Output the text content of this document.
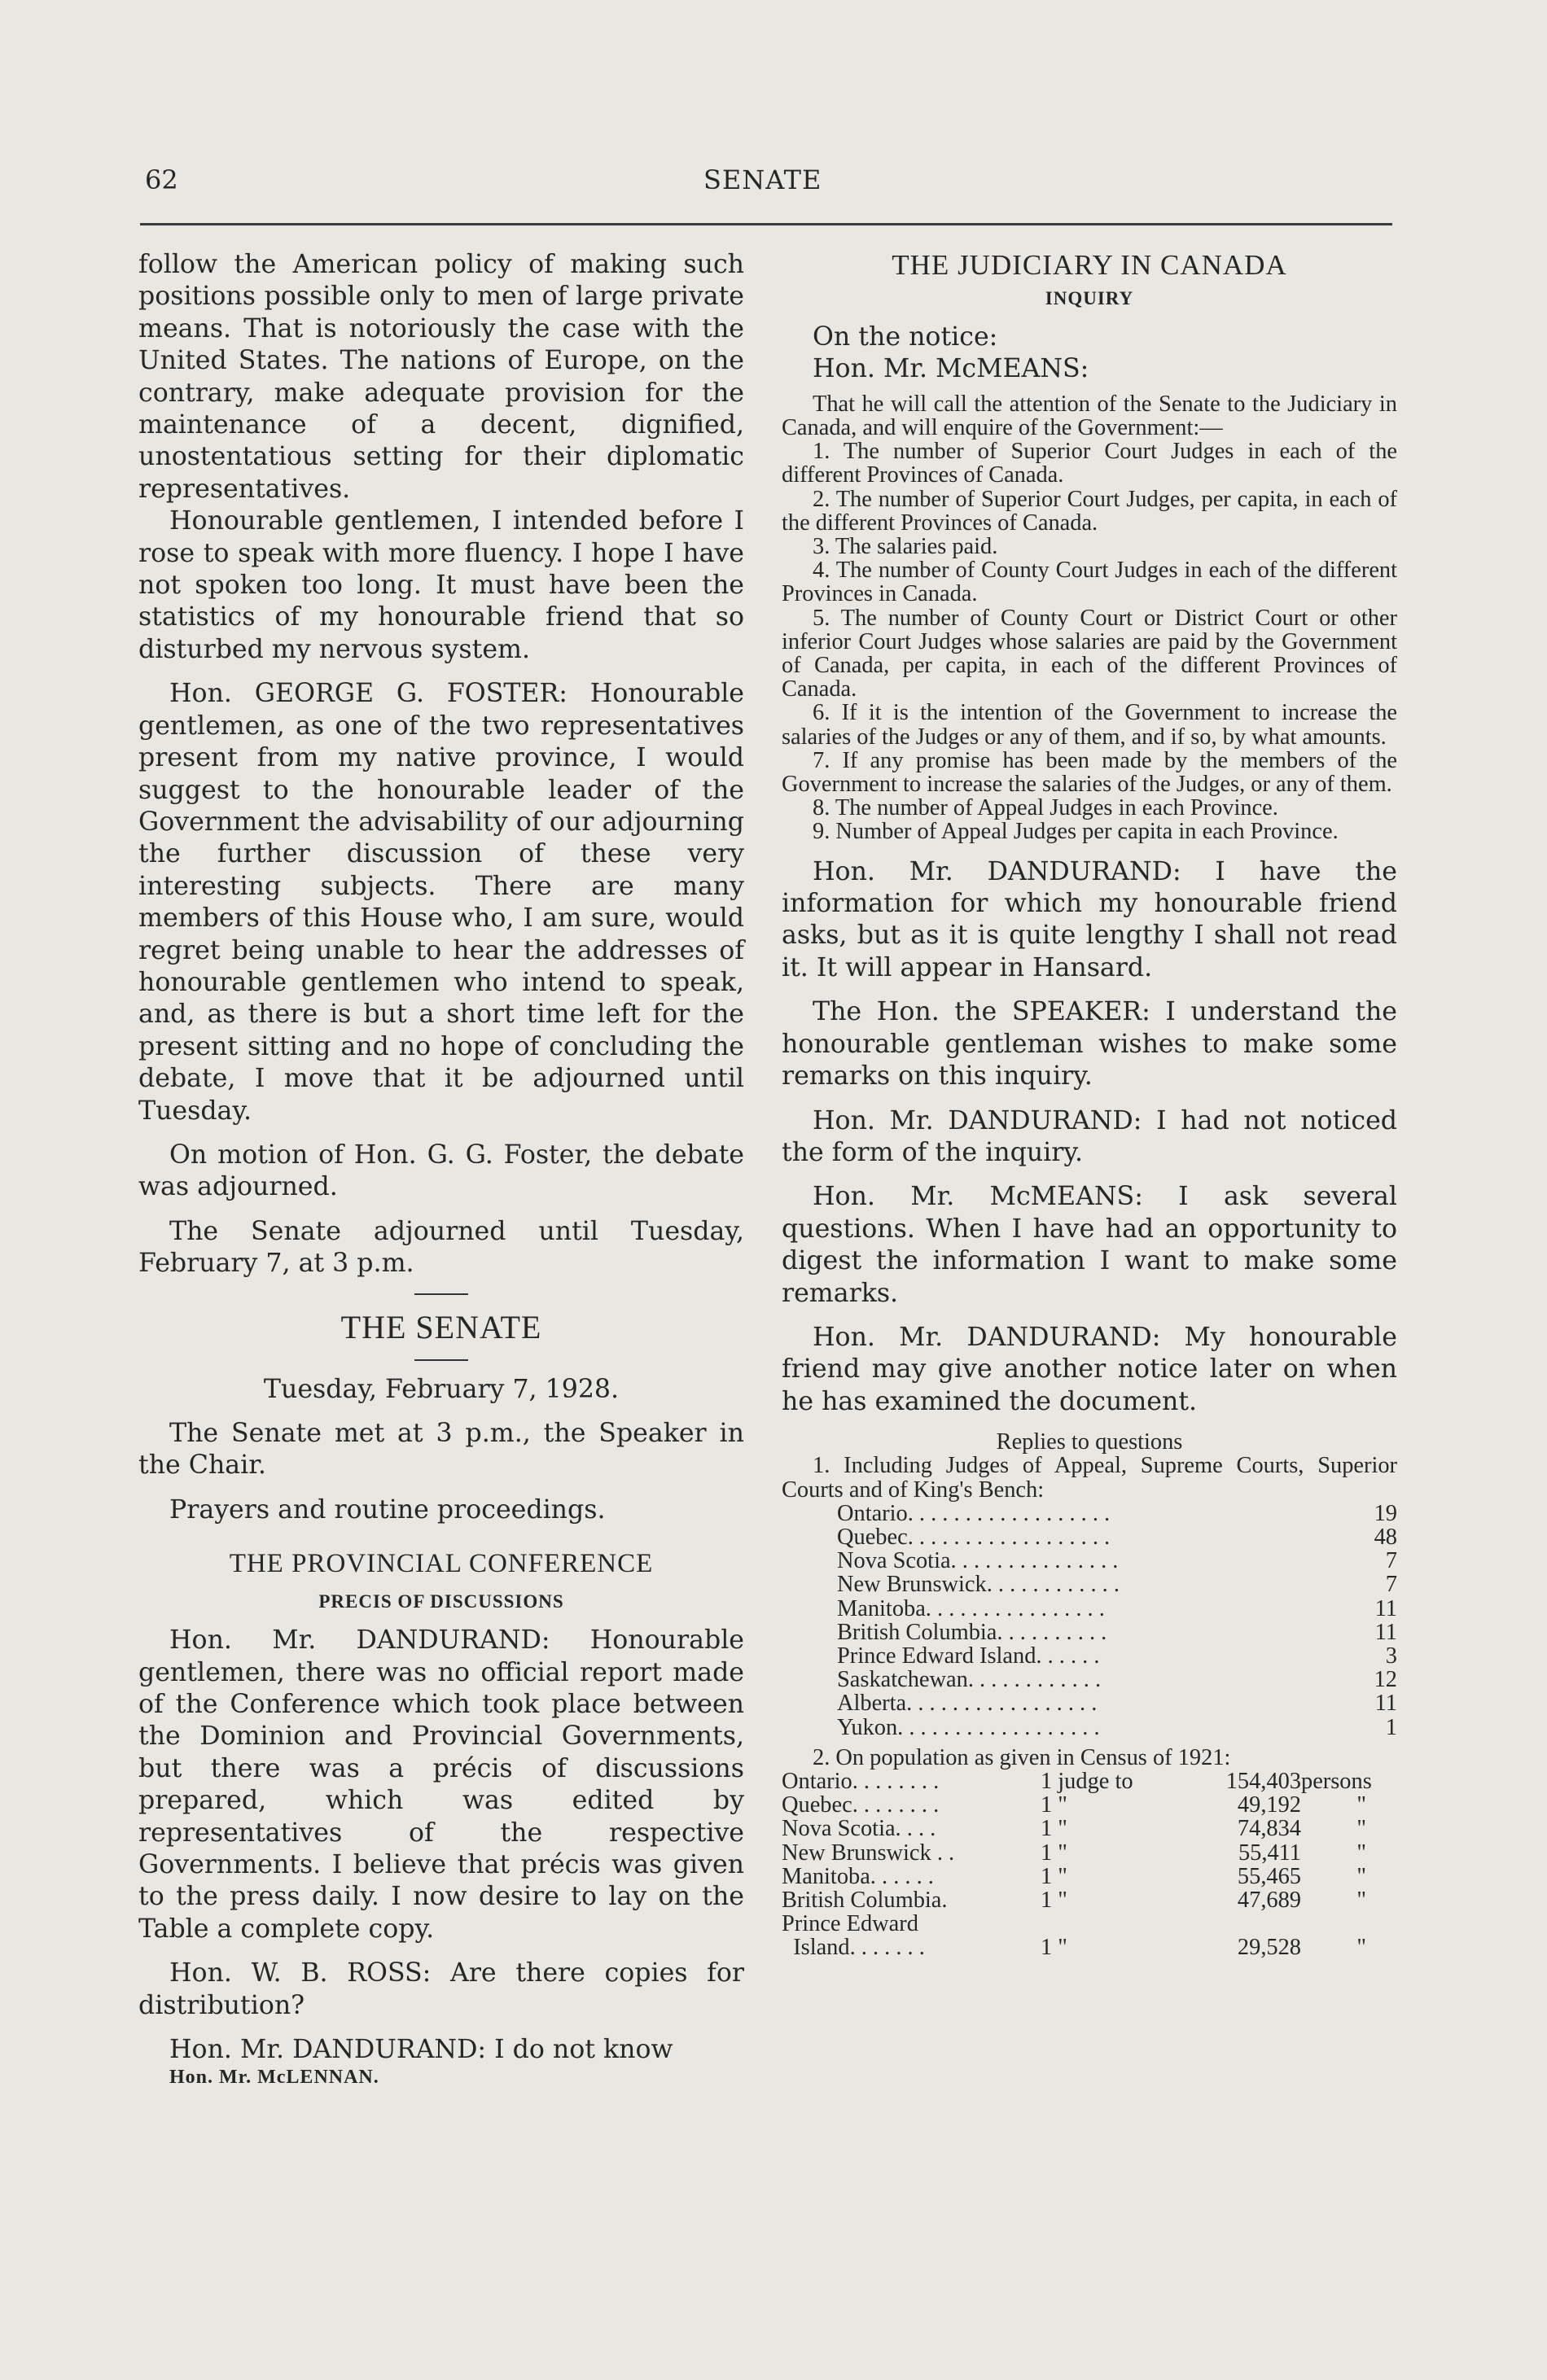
62	SENATE

follow the American policy of making such positions possible only to men of large private means. That is notoriously the case with the United States. The nations of Europe, on the contrary, make adequate provision for the maintenance of a decent, dignified, unostentatious setting for their diplomatic representatives.

Honourable gentlemen, I intended before I rose to speak with more fluency. I hope I have not spoken too long. It must have been the statistics of my honourable friend that so disturbed my nervous system.

Hon. GEORGE G. FOSTER: Honourable gentlemen, as one of the two representatives present from my native province, I would suggest to the honourable leader of the Government the advisability of our adjourning the further discussion of these very interesting subjects. There are many members of this House who, I am sure, would regret being unable to hear the addresses of honourable gentlemen who intend to speak, and, as there is but a short time left for the present sitting and no hope of concluding the debate, I move that it be adjourned until Tuesday.

On motion of Hon. G. G. Foster, the debate was adjourned.

The Senate adjourned until Tuesday, February 7, at 3 p.m.

THE SENATE
Tuesday, February 7, 1928.

The Senate met at 3 p.m., the Speaker in the Chair.

Prayers and routine proceedings.

THE PROVINCIAL CONFERENCE
PRECIS OF DISCUSSIONS

Hon. Mr. DANDURAND: Honourable gentlemen, there was no official report made of the Conference which took place between the Dominion and Provincial Governments, but there was a précis of discussions prepared, which was edited by representatives of the respective Governments. I believe that précis was given to the press daily. I now desire to lay on the Table a complete copy.

Hon. W. B. ROSS: Are there copies for distribution?

Hon. Mr. DANDURAND: I do not know

Hon. Mr. McLENNAN.
THE JUDICIARY IN CANADA
INQUIRY

On the notice:

Hon. Mr. McMEANS:

That he will call the attention of the Senate to the Judiciary in Canada, and will enquire of the Government:—

1. The number of Superior Court Judges in each of the different Provinces of Canada.

2. The number of Superior Court Judges, per capita, in each of the different Provinces of Canada.

3. The salaries paid.

4. The number of County Court Judges in each of the different Provinces in Canada.

5. The number of County Court or District Court or other inferior Court Judges whose salaries are paid by the Government of Canada, per capita, in each of the different Provinces of Canada.

6. If it is the intention of the Government to increase the salaries of the Judges or any of them, and if so, by what amounts.

7. If any promise has been made by the members of the Government to increase the salaries of the Judges, or any of them.

8. The number of Appeal Judges in each Province.

9. Number of Appeal Judges per capita in each Province.

Hon. Mr. DANDURAND: I have the information for which my honourable friend asks, but as it is quite lengthy I shall not read it. It will appear in Hansard.

The Hon. the SPEAKER: I understand the honourable gentleman wishes to make some remarks on this inquiry.

Hon. Mr. DANDURAND: I had not noticed the form of the inquiry.

Hon. Mr. McMEANS: I ask several questions. When I have had an opportunity to digest the information I want to make some remarks.

Hon. Mr. DANDURAND: My honourable friend may give another notice later on when he has examined the document.

Replies to questions

1. Including Judges of Appeal, Supreme Courts, Superior Courts and of King's Bench:

Ontario. . . . . . . . . . . . . . . . . .	19
Quebec. . . . . . . . . . . . . . . . . .	48
Nova Scotia. . . . . . . . . . . . . . .	7
New Brunswick. . . . . . . . . . . .	7
Manitoba. . . . . . . . . . . . . . . .	11
British Columbia. . . . . . . . . .	11
Prince Edward Island. . . . . .	3
Saskatchewan. . . . . . . . . . . .	12
Alberta. . . . . . . . . . . . . . . . .	11
Yukon. . . . . . . . . . . . . . . . . .	1

2. On population as given in Census of 1921:

Ontario. . . . . . . .	1 judge to	154,403 persons
Quebec. . . . . . . .	1 "	49,192	"
Nova Scotia. . . .	1 "	74,834	"
New Brunswick . .	1 "	55,411	"
Manitoba. . . . . .	1 "	55,465	"
British Columbia.	1 "	47,689	"
Prince Edward
Island. . . . . . .	1 "	29,528	"
